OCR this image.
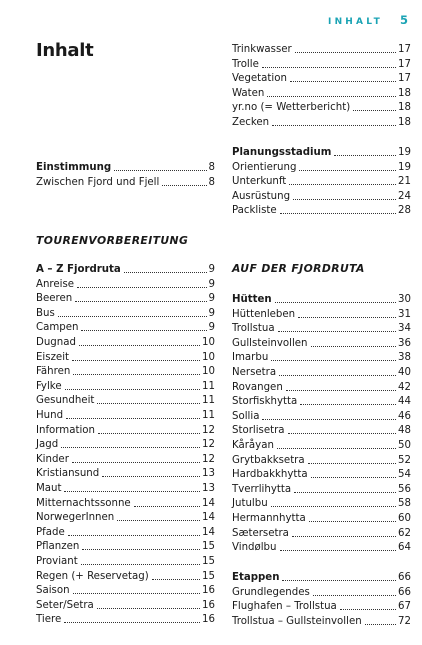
INHALT 5
Inhalt
Einstimmung	8
Zwischen Fjord und Fjell	8
TOURENVORBEREITUNG
A – Z Fjordruta	9
Anreise	9
Beeren	9
Bus	9
Campen	9
Dugnad	10
Eiszeit	10
Fähren	10
Fylke	11
Gesundheit	11
Hund	11
Information	12
Jagd	12
Kinder	12
Kristiansund	13
Maut	13
Mitternachtssonne	14
NorwegerInnen	14
Pfade	14
Pflanzen	15
Proviant	15
Regen (+ Reservetag)	15
Saison	16
Seter/Setra	16
Tiere	16
Trinkwasser	17
Trolle	17
Vegetation	17
Waten	18
yr.no (= Wetterbericht)	18
Zecken	18
Planungsstadium	19
Orientierung	19
Unterkunft	21
Ausrüstung	24
Packliste	28
AUF DER FJORDRUTA
Hütten	30
Hüttenleben	31
Trollstua	34
Gullsteinvollen	36
Imarbu	38
Nersetra	40
Rovangen	42
Storfiskhytta	44
Sollia	46
Storlisetra	48
Kåråyan	50
Grytbakksetra	52
Hardbakkhytta	54
Tverrlihytta	56
Jutulbu	58
Hermannhytta	60
Sætersetra	62
Vindølbu	64
Etappen	66
Grundlegendes	66
Flughafen – Trollstua	67
Trollstua – Gullsteinvollen	72
